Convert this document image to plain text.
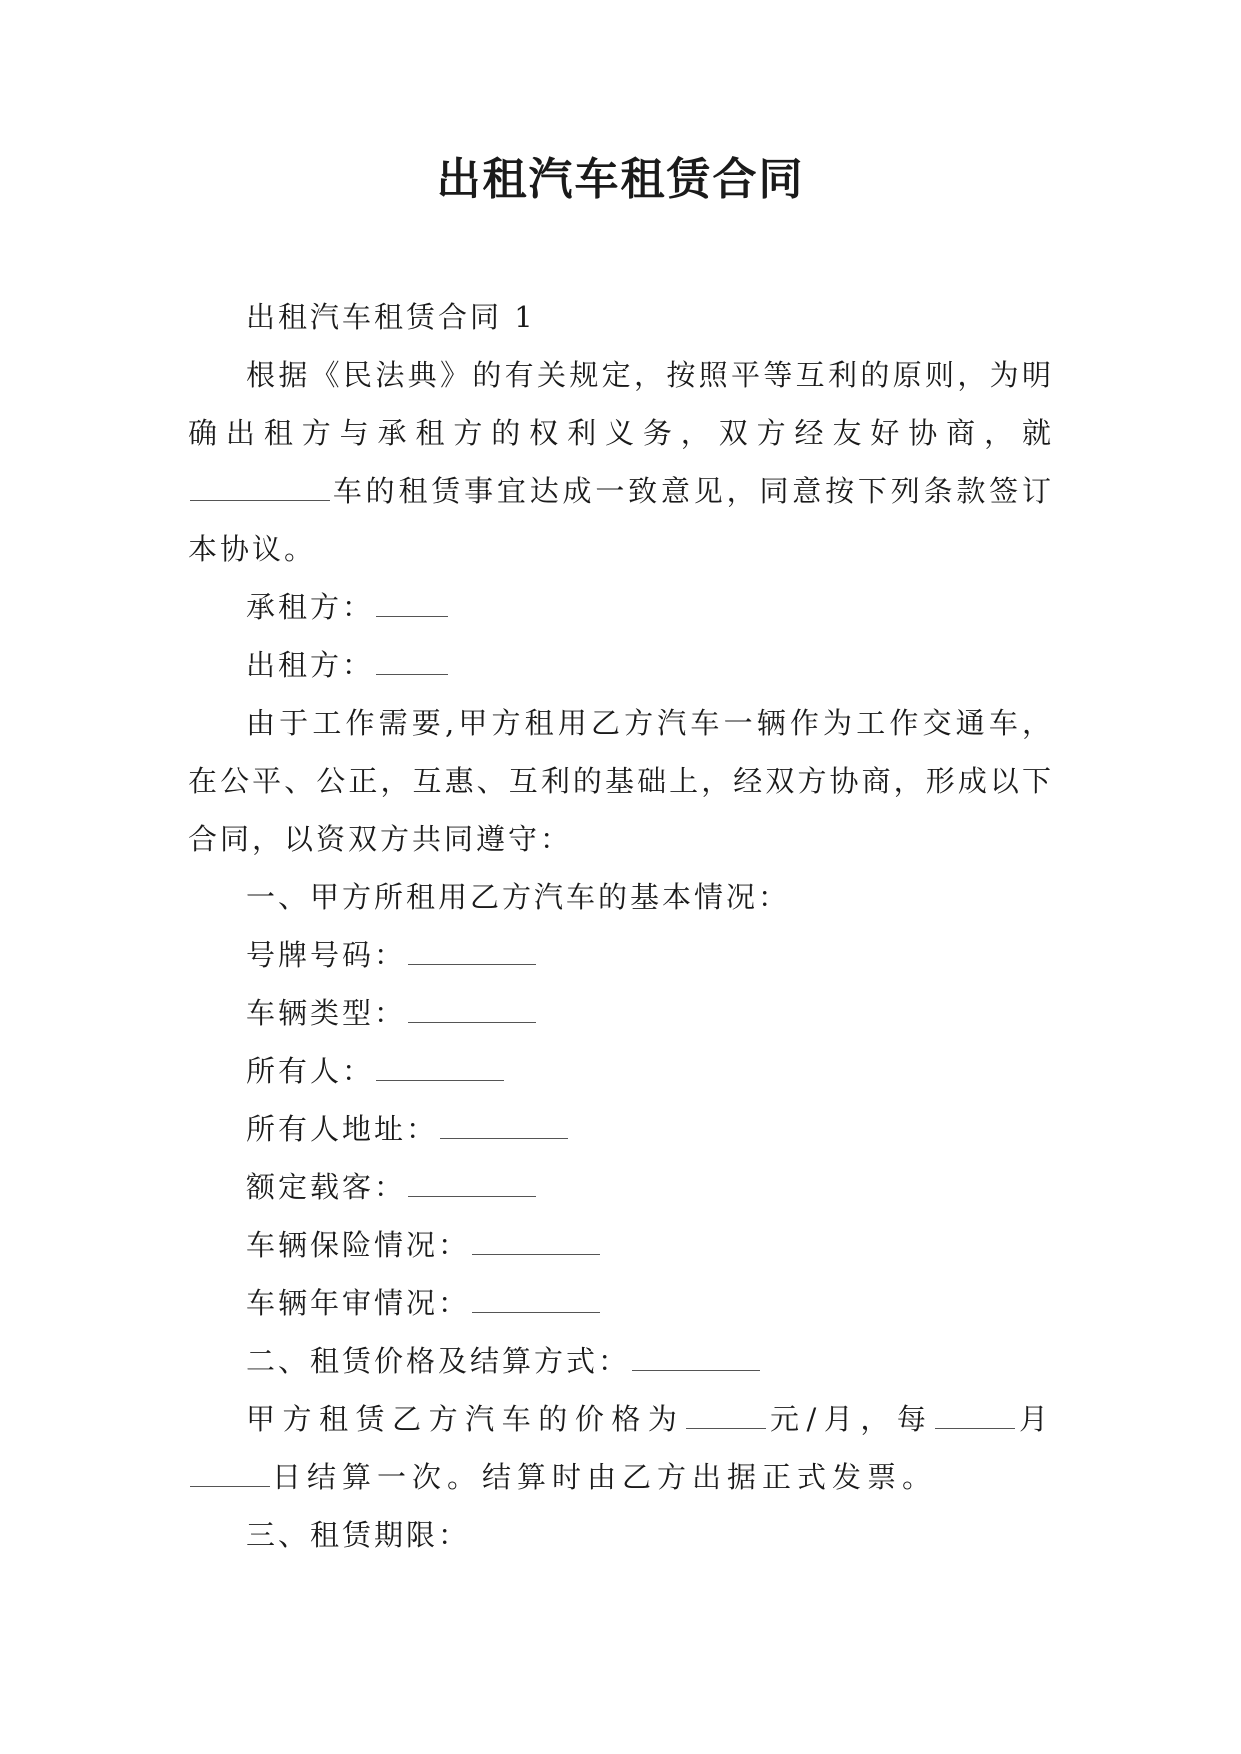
出租汽车租赁合同

出租汽车租赁合同 1

根据《民法典》的有关规定，按照平等互利的原则，为明确出租方与承租方的权利义务，双方经友好协商，就车的租赁事宜达成一致意见，同意按下列条款签订本协议。

承租方：

出租方：

由于工作需要,甲方租用乙方汽车一辆作为工作交通车，在公平、公正，互惠、互利的基础上，经双方协商，形成以下合同，以资双方共同遵守：

一、甲方所租用乙方汽车的基本情况：

号牌号码：

车辆类型：

所有人：

所有人地址：

额定载客：

车辆保险情况：

车辆年审情况：

二、租赁价格及结算方式：

甲方租赁乙方汽车的价格为	元/月，每	月日结算一次。结算时由乙方出据正式发票。

三、租赁期限：
